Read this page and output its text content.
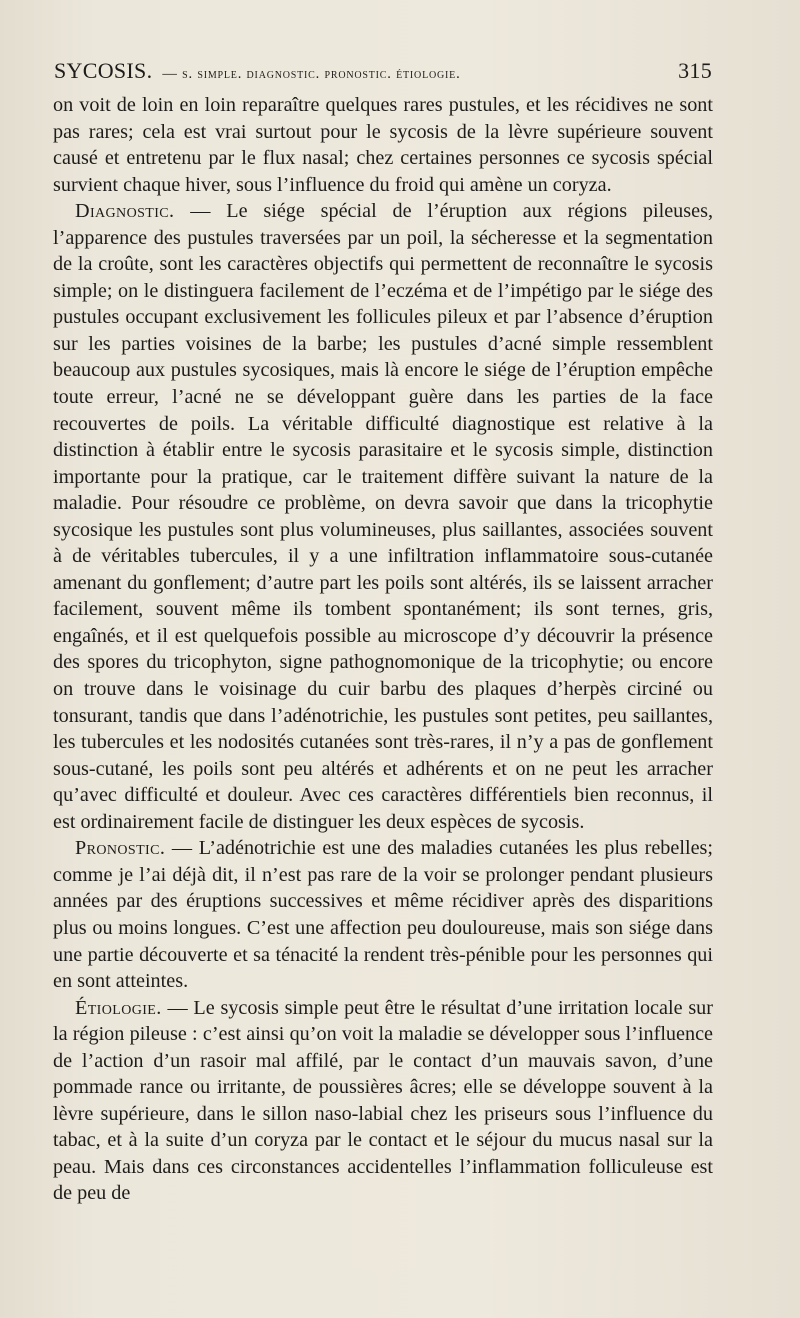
SYCOSIS. — s. simple. diagnostic. pronostic. étiologie.	315

on voit de loin en loin reparaître quelques rares pustules, et les récidives ne sont pas rares; cela est vrai surtout pour le sycosis de la lèvre supérieure souvent causé et entretenu par le flux nasal; chez certaines personnes ce sycosis spécial survient chaque hiver, sous l’influence du froid qui amène un coryza.

Diagnostic. — Le siége spécial de l’éruption aux régions pileuses, l’apparence des pustules traversées par un poil, la sécheresse et la segmentation de la croûte, sont les caractères objectifs qui permettent de reconnaître le sycosis simple; on le distinguera facilement de l’eczéma et de l’impétigo par le siége des pustules occupant exclusivement les follicules pileux et par l’absence d’éruption sur les parties voisines de la barbe; les pustules d’acné simple ressemblent beaucoup aux pustules sycosiques, mais là encore le siége de l’éruption empêche toute erreur, l’acné ne se développant guère dans les parties de la face recouvertes de poils. La véritable difficulté diagnostique est relative à la distinction à établir entre le sycosis parasitaire et le sycosis simple, distinction importante pour la pratique, car le traitement diffère suivant la nature de la maladie. Pour résoudre ce problème, on devra savoir que dans la tricophytie sycosique les pustules sont plus volumineuses, plus saillantes, associées souvent à de véritables tubercules, il y a une infiltration inflammatoire sous-cutanée amenant du gonflement; d’autre part les poils sont altérés, ils se laissent arracher facilement, souvent même ils tombent spontanément; ils sont ternes, gris, engaînés, et il est quelquefois possible au microscope d’y découvrir la présence des spores du tricophyton, signe pathognomonique de la tricophytie; ou encore on trouve dans le voisinage du cuir barbu des plaques d’herpès circiné ou tonsurant, tandis que dans l’adénotrichie, les pustules sont petites, peu saillantes, les tubercules et les nodosités cutanées sont très-rares, il n’y a pas de gonflement sous-cutané, les poils sont peu altérés et adhérents et on ne peut les arracher qu’avec difficulté et douleur. Avec ces caractères différentiels bien reconnus, il est ordinairement facile de distinguer les deux espèces de sycosis.

Pronostic. — L’adénotrichie est une des maladies cutanées les plus rebelles; comme je l’ai déjà dit, il n’est pas rare de la voir se prolonger pendant plusieurs années par des éruptions successives et même récidiver après des disparitions plus ou moins longues. C’est une affection peu douloureuse, mais son siége dans une partie découverte et sa ténacité la rendent très-pénible pour les personnes qui en sont atteintes.

Étiologie. — Le sycosis simple peut être le résultat d’une irritation locale sur la région pileuse : c’est ainsi qu’on voit la maladie se développer sous l’influence de l’action d’un rasoir mal affilé, par le contact d’un mauvais savon, d’une pommade rance ou irritante, de poussières âcres; elle se développe souvent à la lèvre supérieure, dans le sillon naso-labial chez les priseurs sous l’influence du tabac, et à la suite d’un coryza par le contact et le séjour du mucus nasal sur la peau. Mais dans ces circonstances accidentelles l’inflammation folliculeuse est de peu de
